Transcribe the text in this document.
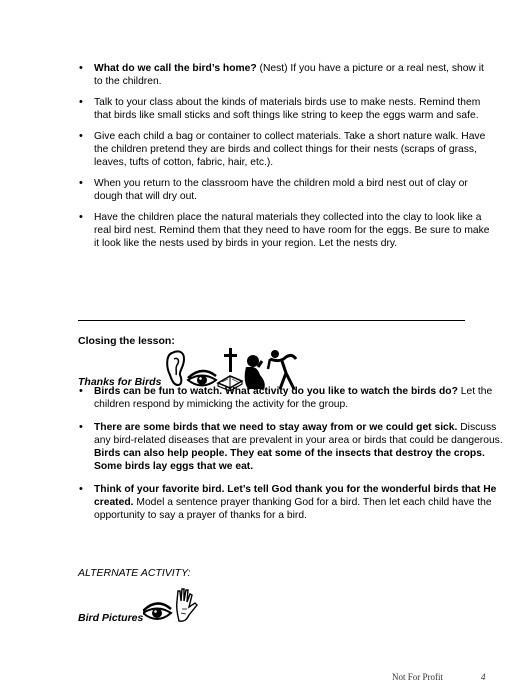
• What do we call the bird’s home? (Nest) If you have a picture or a real nest, show it to the children.
• Talk to your class about the kinds of materials birds use to make nests. Remind them that birds like small sticks and soft things like string to keep the eggs warm and safe.
• Give each child a bag or container to collect materials. Take a short nature walk. Have the children pretend they are birds and collect things for their nests (scraps of grass, leaves, tufts of cotton, fabric, hair, etc.).
• When you return to the classroom have the children mold a bird nest out of clay or dough that will dry out.
• Have the children place the natural materials they collected into the clay to look like a real bird nest. Remind them that they need to have room for the eggs. Be sure to make it look like the nests used by birds in your region. Let the nests dry.
Closing the lesson:
Thanks for Birds
• Birds can be fun to watch. What activity do you like to watch the birds do? Let the children respond by mimicking the activity for the group.
• There are some birds that we need to stay away from or we could get sick. Discuss any bird-related diseases that are prevalent in your area or birds that could be dangerous. Birds can also help people. They eat some of the insects that destroy the crops. Some birds lay eggs that we eat.
• Think of your favorite bird. Let’s tell God thank you for the wonderful birds that He created. Model a sentence prayer thanking God for a bird. Then let each child have the opportunity to say a prayer of thanks for a bird.
ALTERNATE ACTIVITY:
Bird Pictures
Not For Profit	4
